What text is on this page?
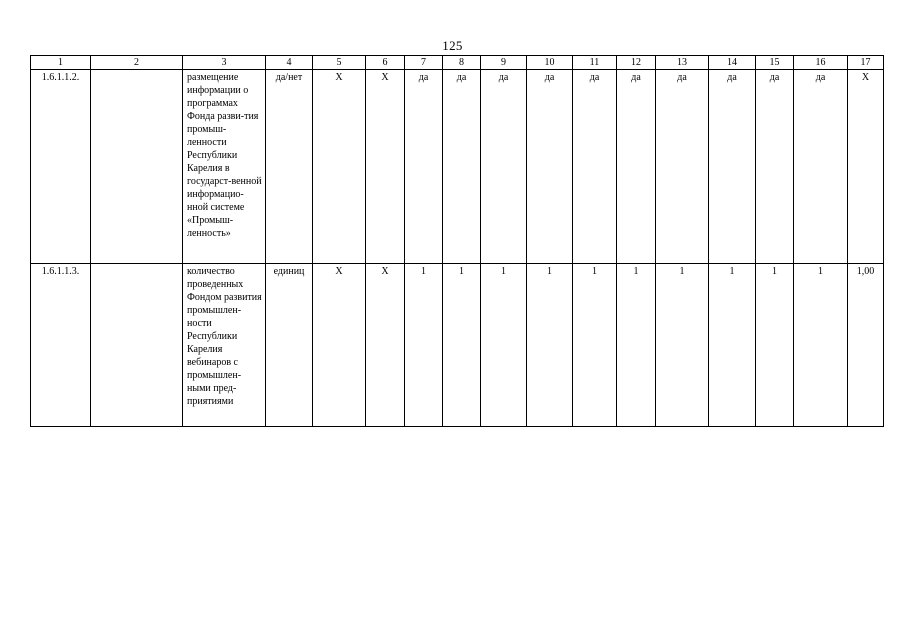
125
1	2	3	4	5	6	7	8	9	10	11	12	13	14	15	16	17
1.6.1.1.2.		размещение информации о программах Фонда разви-тия промыш-ленности Республики Карелия в государст-венной информацио-нной системе «Промыш-ленность»	да/нет	Х	Х	да	да	да	да	да	да	да	да	да	да	Х
1.6.1.1.3.		количество проведенных Фондом развития промышлен-ности Республики Карелия вебинаров с промышлен-ными пред-приятиями	единиц	Х	Х	1	1	1	1	1	1	1	1	1	1	1,00
